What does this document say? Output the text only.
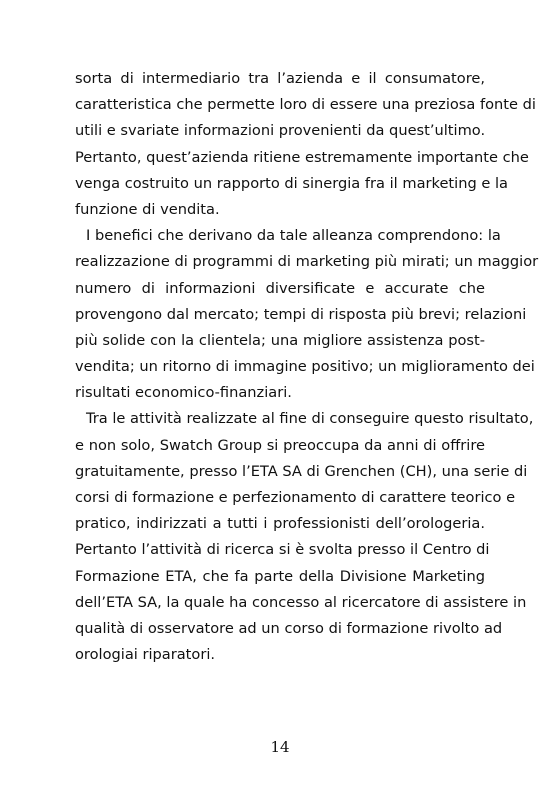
sorta di intermediario tra l’azienda e il consumatore,
caratteristica che permette loro di essere una preziosa fonte di
utili e svariate informazioni provenienti da quest’ultimo.
Pertanto, quest’azienda ritiene estremamente importante che
venga costruito un rapporto di sinergia fra il marketing e la
funzione di vendita.
I benefici che derivano da tale alleanza comprendono: la
realizzazione di programmi di marketing più mirati; un maggior
numero di informazioni diversificate e accurate che
provengono dal mercato; tempi di risposta più brevi; relazioni
più solide con la clientela; una migliore assistenza post-
vendita; un ritorno di immagine positivo; un miglioramento dei
risultati economico-finanziari.
Tra le attività realizzate al fine di conseguire questo risultato,
e non solo, Swatch Group si preoccupa da anni di offrire
gratuitamente, presso l’ETA SA di Grenchen (CH), una serie di
corsi di formazione e perfezionamento di carattere teorico e
pratico, indirizzati a tutti i professionisti dell’orologeria.
Pertanto l’attività di ricerca si è svolta presso il Centro di
Formazione ETA, che fa parte della Divisione Marketing
dell’ETA SA, la quale ha concesso al ricercatore di assistere in
qualità di osservatore ad un corso di formazione rivolto ad
orologiai riparatori.
14
